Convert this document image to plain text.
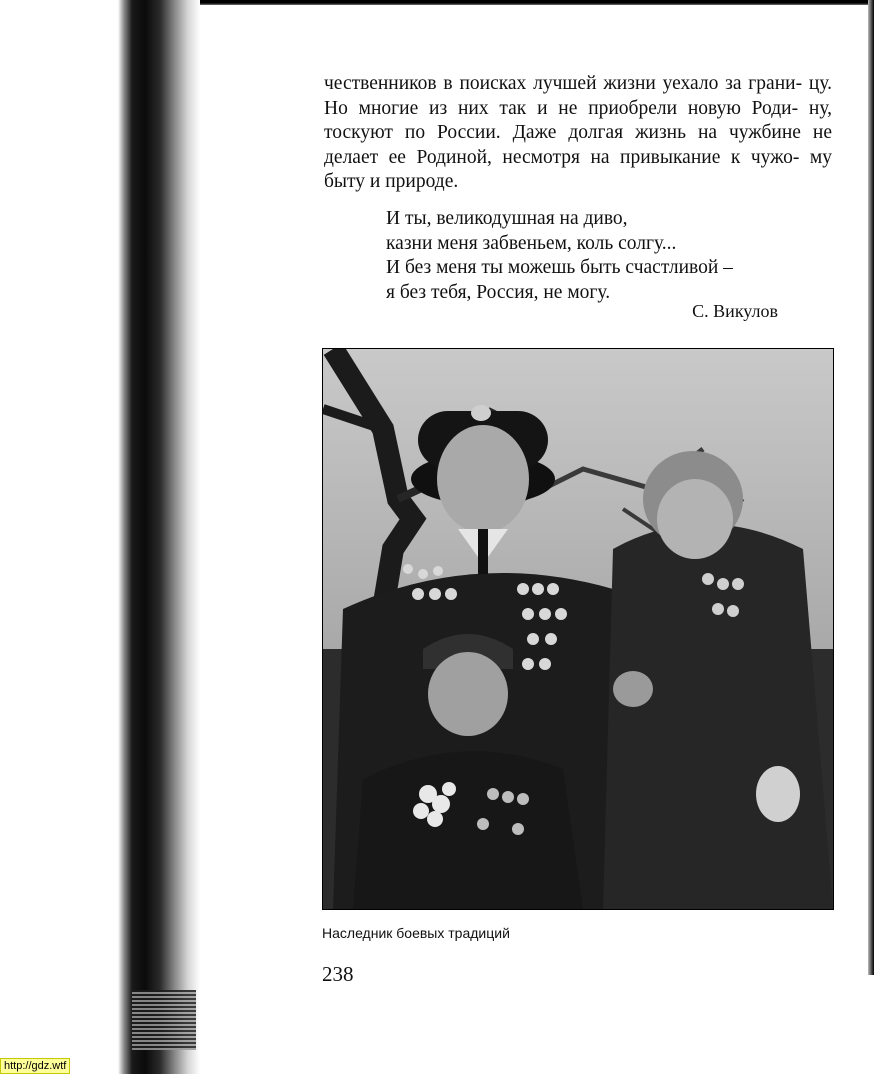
чественников в поисках лучшей жизни уехало за грани- цу. Но многие из них так и не приобрели новую Роди- ну, тоскуют по России. Даже долгая жизнь на чужбине не делает ее Родиной, несмотря на привыкание к чужо- му быту и природе.

И ты, великодушная на диво,
казни меня забвеньем, коль солгу...
И без меня ты можешь быть счастливой –
я без тебя, Россия, не могу.
С. Викулов
Наследник боевых традиций
238
http://gdz.wtf
